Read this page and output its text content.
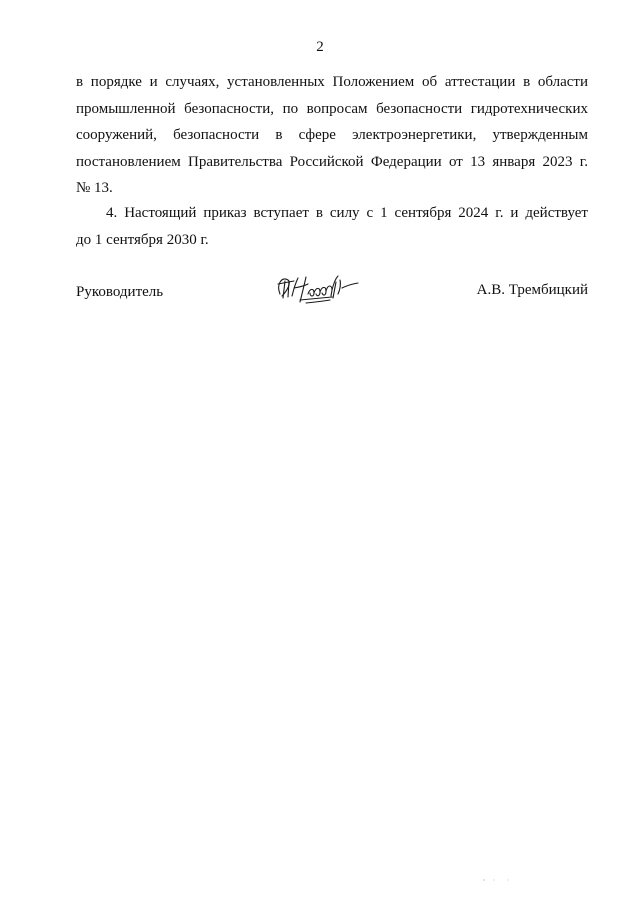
2
в порядке и случаях, установленных Положением об аттестации в области
промышленной безопасности, по вопросам безопасности гидротехнических
сооружений, безопасности в сфере электроэнергетики, утвержденным
постановлением Правительства Российской Федерации от 13 января 2023 г.
№ 13.
4. Настоящий приказ вступает в силу с 1 сентября 2024 г. и действует
до 1 сентября 2030 г.
Руководитель	А.В. Трембицкий
